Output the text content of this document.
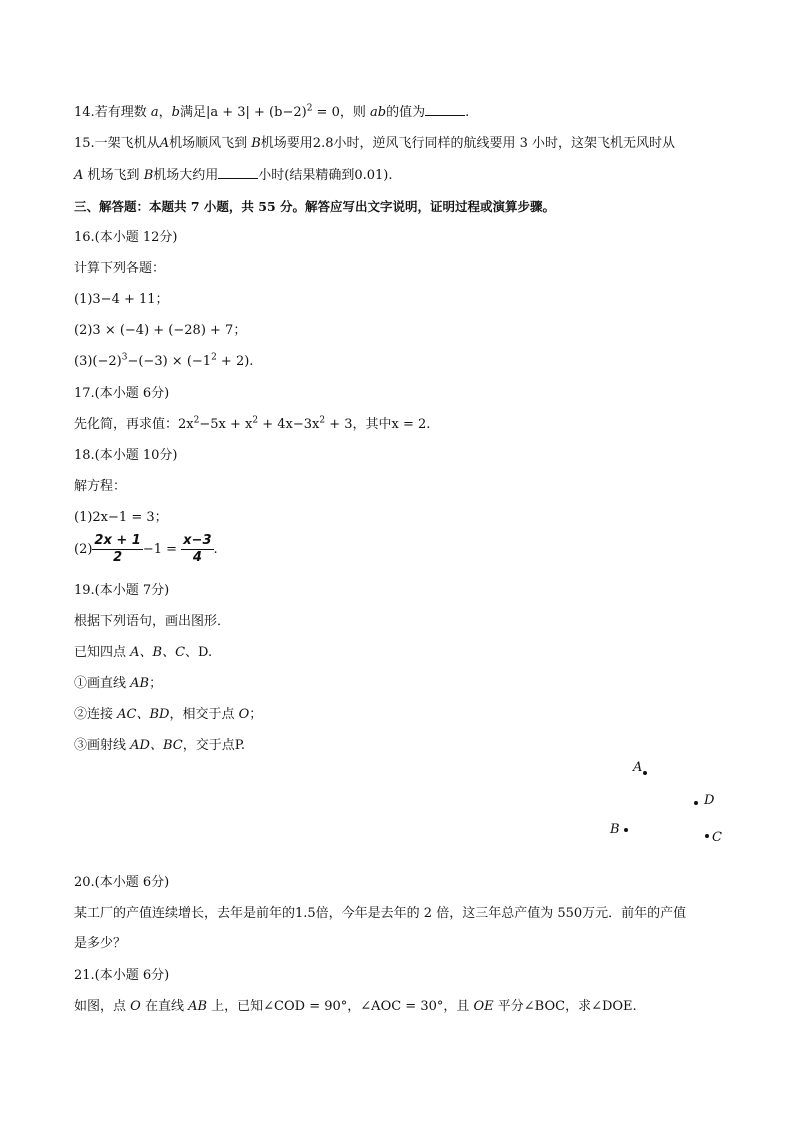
14.若有理数 a，b满足$|a + 3| + (b-2)^2 = 0$，则 ab的值为	.
15.一架飞机从A机场顺风飞到 B机场要用2.8小时，逆风飞行同样的航线要用 3 小时，这架飞机无风时从
A 机场飞到 B机场大约用	小时(结果精确到0.01).
三、解答题：本题共 7 小题，共 55 分。解答应写出文字说明，证明过程或演算步骤。
16.(本小题 12分)
计算下列各题：
(1)3−4 + 11；
(2)3 × (−4) + (−28) + 7；
$(3)(-2)^3-(-3) \times (-1^2 + 2)$.
17.(本小题 6分)
先化简，再求值：$2x^2-5x + x^2 + 4x-3x^2 + 3$，其中x = 2.
18.(本小题 10分)
解方程：
(1)2x−1 = 3；
$(2) \frac{2x + 1}{2} -1 = \frac{x-3}{4}$ .
19.(本小题 7分)
根据下列语句，画出图形．
已知四点 A、B、C、D.
①画直线 AB；
②连接 AC、BD，相交于点 O；
③画射线 AD、BC，交于点P.
A
D
B
C
20.(本小题 6分)
某工厂的产值连续增长，去年是前年的1.5倍，今年是去年的 2 倍，这三年总产值为 550万元．前年的产值
是多少？
21.(本小题 6分)
如图，点 O 在直线 AB 上，已知∠COD = 90°，∠AOC = 30°，且 OE 平分∠BOC，求∠DOE.
